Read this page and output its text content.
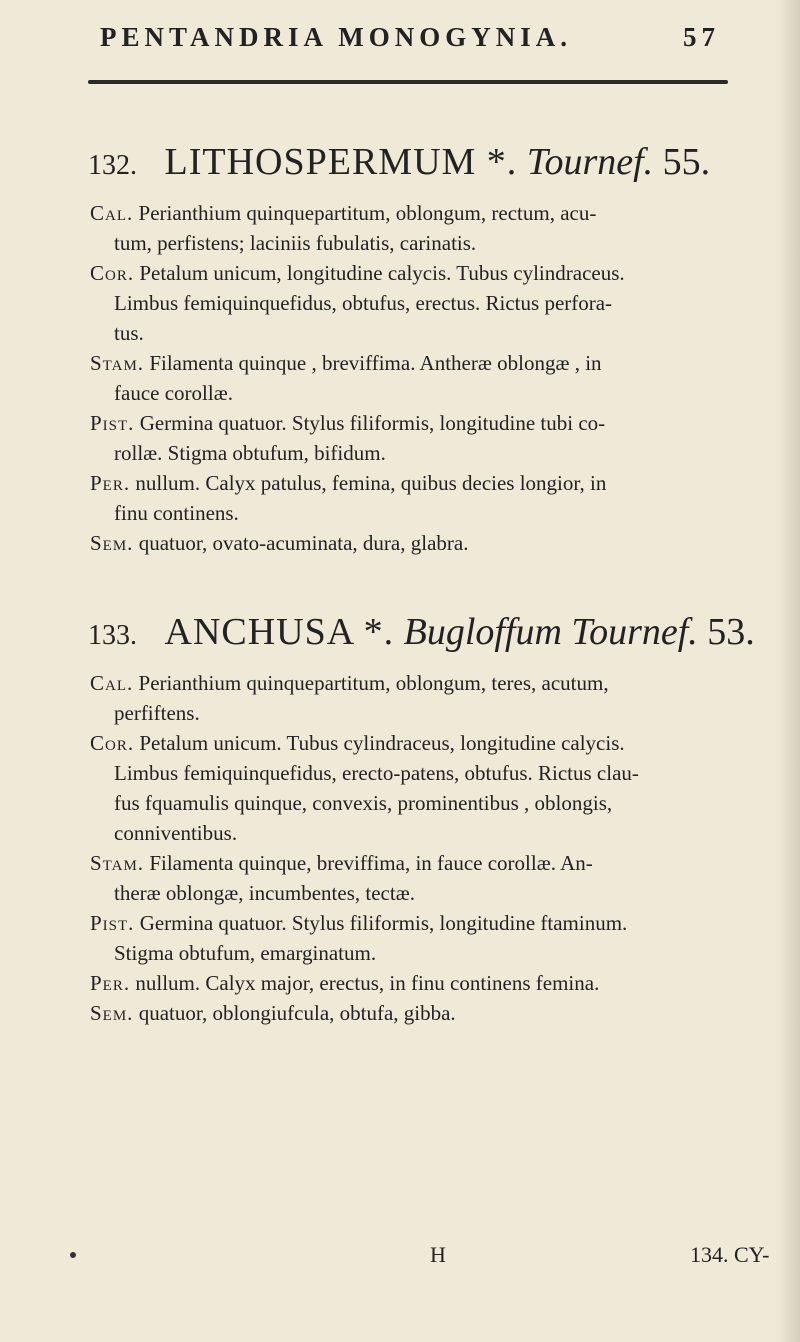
PENTANDRIA MONOGYNIA.	57
132. LITHOSPERMUM *. Tournef. 55.

Cal. Perianthium quinquepartitum, oblongum, rectum, acu-

tum, perfistens; laciniis fubulatis, carinatis.

Cor. Petalum unicum, longitudine calycis. Tubus cylindraceus.

Limbus femiquinquefidus, obtufus, erectus. Rictus perfora-

tus.

Stam. Filamenta quinque , breviffima. Antheræ oblongæ , in

fauce corollæ.

Pist. Germina quatuor. Stylus filiformis, longitudine tubi co-

rollæ. Stigma obtufum, bifidum.

Per. nullum. Calyx patulus, femina, quibus decies longior, in

finu continens.

Sem. quatuor, ovato-acuminata, dura, glabra.

133. ANCHUSA *. Bugloffum Tournef. 53.

Cal. Perianthium quinquepartitum, oblongum, teres, acutum,

perfiftens.

Cor. Petalum unicum. Tubus cylindraceus, longitudine calycis.

Limbus femiquinquefidus, erecto-patens, obtufus. Rictus clau-

fus fquamulis quinque, convexis, prominentibus , oblongis,

conniventibus.

Stam. Filamenta quinque, breviffima, in fauce corollæ. An-

theræ oblongæ, incumbentes, tectæ.

Pist. Germina quatuor. Stylus filiformis, longitudine ftaminum.

Stigma obtufum, emarginatum.

Per. nullum. Calyx major, erectus, in finu continens femina.

Sem. quatuor, oblongiufcula, obtufa, gibba.

H	134. CY-
